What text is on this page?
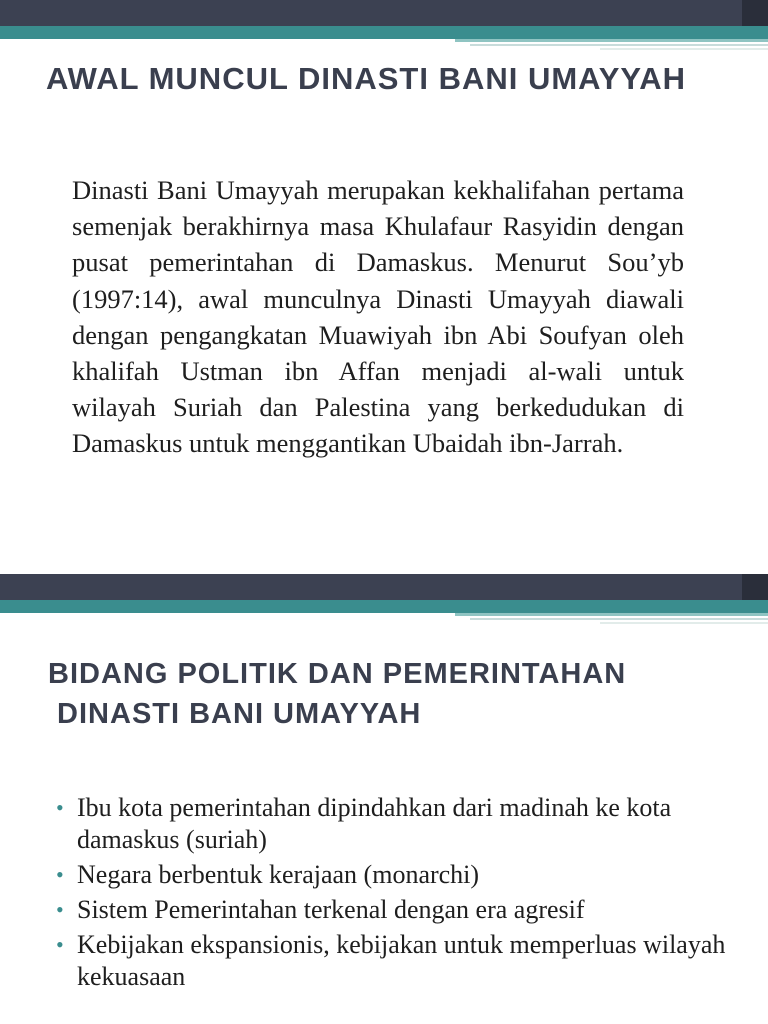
AWAL MUNCUL DINASTI BANI UMAYYAH

Dinasti Bani Umayyah merupakan kekhalifahan pertama semenjak berakhirnya masa Khulafaur Rasyidin dengan pusat pemerintahan di Damaskus. Menurut Sou’yb (1997:14), awal munculnya Dinasti Umayyah diawali dengan pengangkatan Muawiyah ibn Abi Soufyan oleh khalifah Ustman ibn Affan menjadi al-wali untuk wilayah Suriah dan Palestina yang berkedudukan di Damaskus untuk menggantikan Ubaidah ibn-Jarrah.

BIDANG POLITIK DAN PEMERINTAHAN
DINASTI BANI UMAYYAH
• Ibu kota pemerintahan dipindahkan dari madinah ke kota damaskus (suriah)
• Negara berbentuk kerajaan (monarchi)
• Sistem Pemerintahan terkenal dengan era agresif
• Kebijakan ekspansionis, kebijakan untuk memperluas wilayah kekuasaan
